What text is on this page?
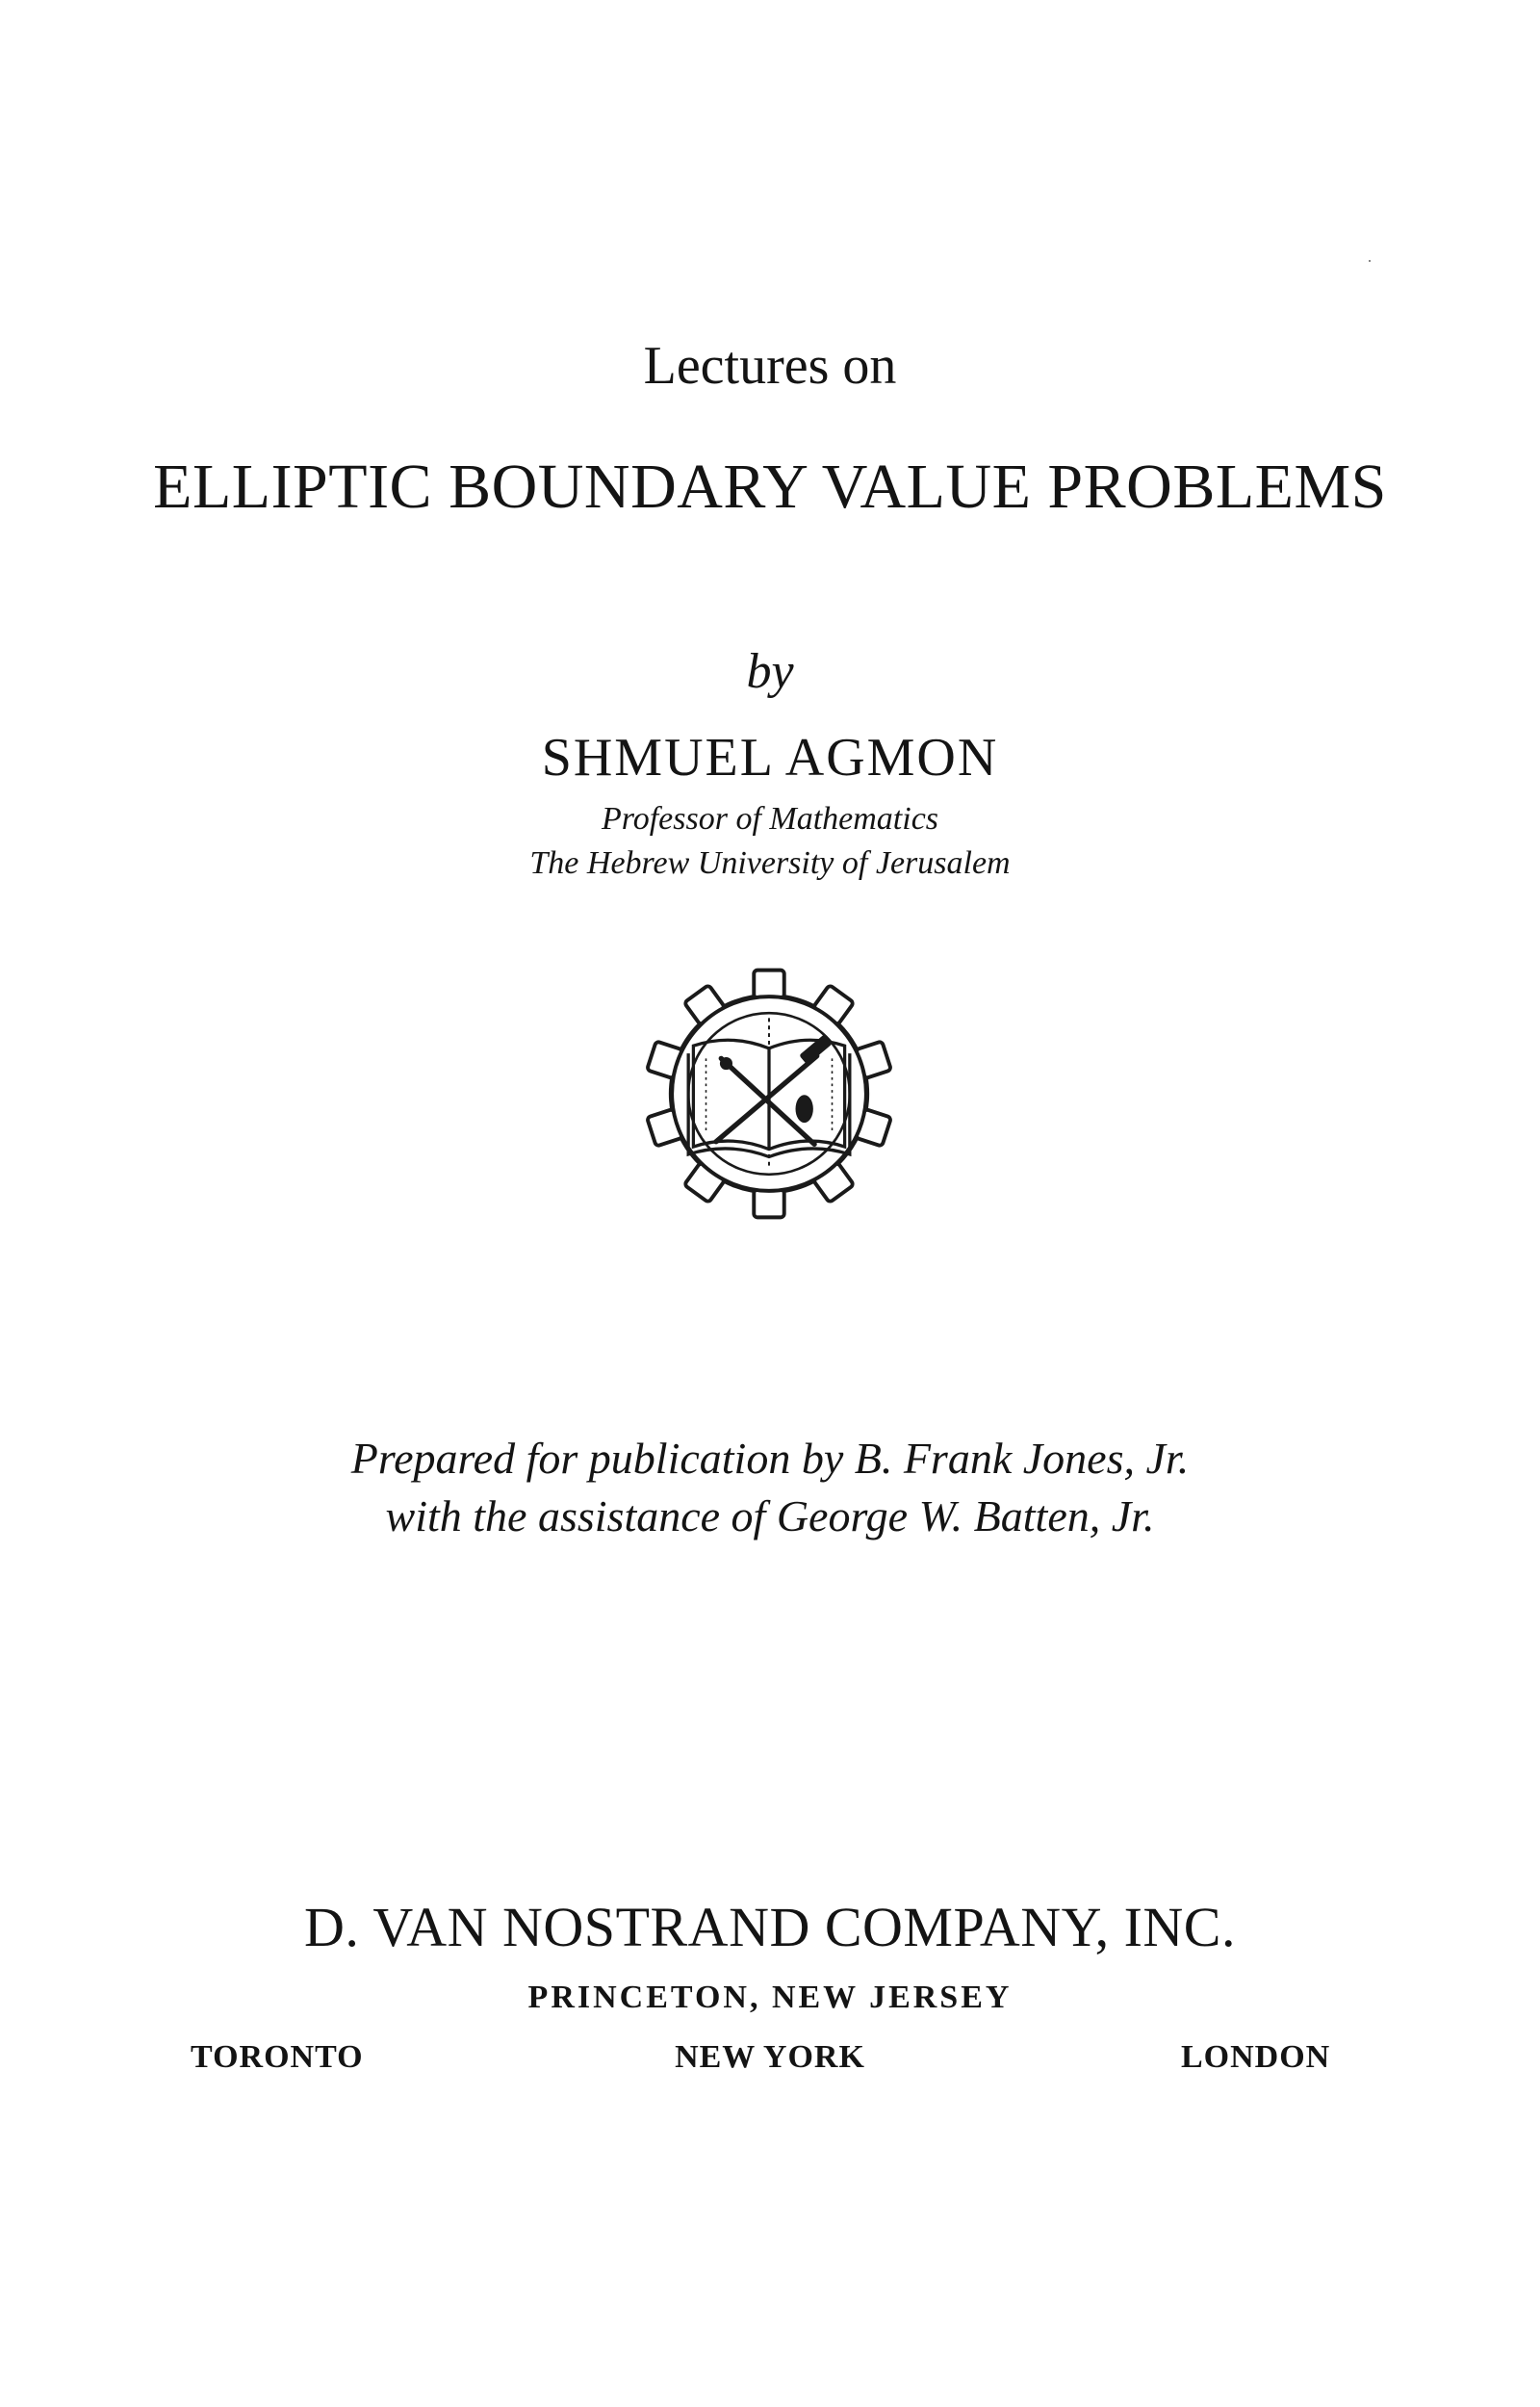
Lectures on
ELLIPTIC BOUNDARY VALUE PROBLEMS
by
SHMUEL AGMON
Professor of Mathematics
The Hebrew University of Jerusalem
Prepared for publication by B. Frank Jones, Jr.
with the assistance of George W. Batten, Jr.
D. VAN NOSTRAND COMPANY, INC.
PRINCETON, NEW JERSEY
TORONTO	NEW YORK	LONDON
